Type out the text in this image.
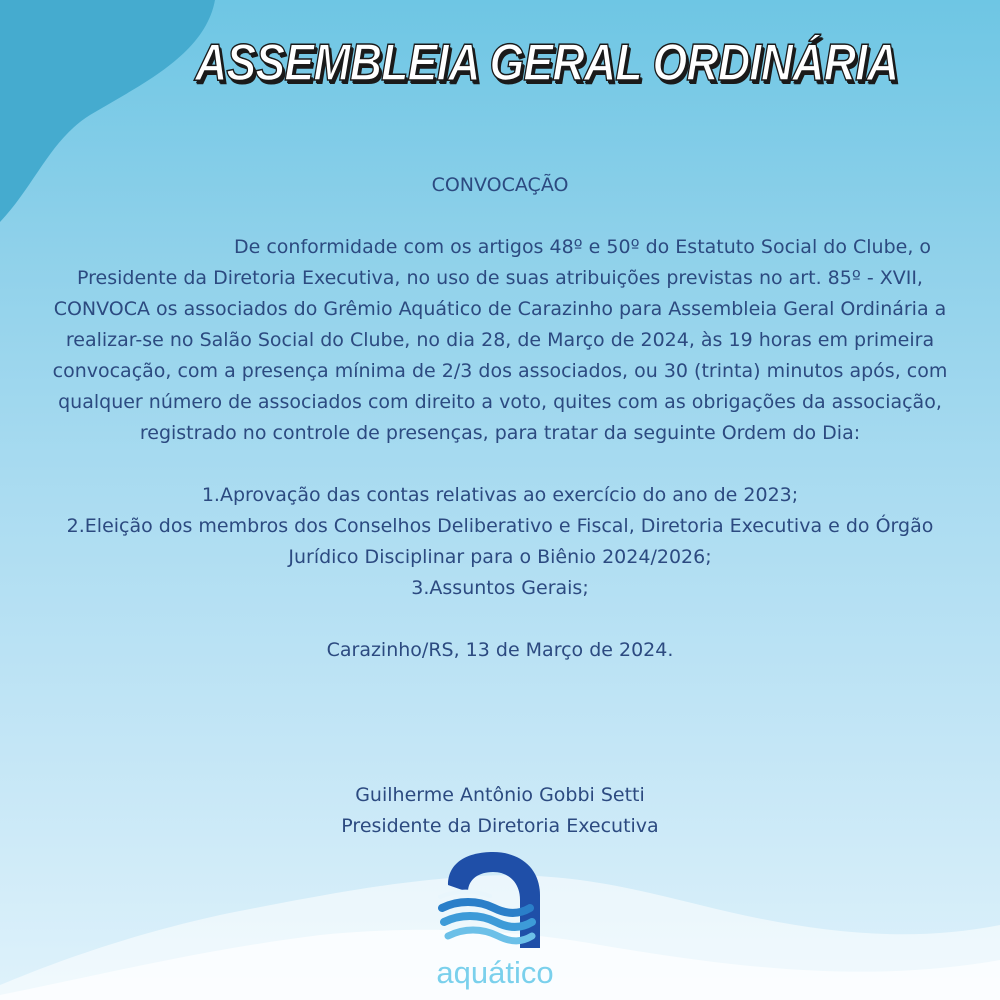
ASSEMBLEIA GERAL ORDINÁRIA

CONVOCAÇÃO

De conformidade com os artigos 48º e 50º do Estatuto Social do Clube, o Presidente da Diretoria Executiva, no uso de suas atribuições previstas no art. 85º - XVII, CONVOCA os associados do Grêmio Aquático de Carazinho para Assembleia Geral Ordinária a realizar-se no Salão Social do Clube, no dia 28, de Março de 2024, às 19 horas em primeira convocação, com a presença mínima de 2/3 dos associados, ou 30 (trinta) minutos após, com qualquer número de associados com direito a voto, quites com as obrigações da associação, registrado no controle de presenças, para tratar da seguinte Ordem do Dia:

1.Aprovação das contas relativas ao exercício do ano de 2023;
2.Eleição dos membros dos Conselhos Deliberativo e Fiscal, Diretoria Executiva e do Órgão Jurídico Disciplinar para o Biênio 2024/2026;
3.Assuntos Gerais;

Carazinho/RS, 13 de Março de 2024.

Guilherme Antônio Gobbi Setti
Presidente da Diretoria Executiva
aquático
